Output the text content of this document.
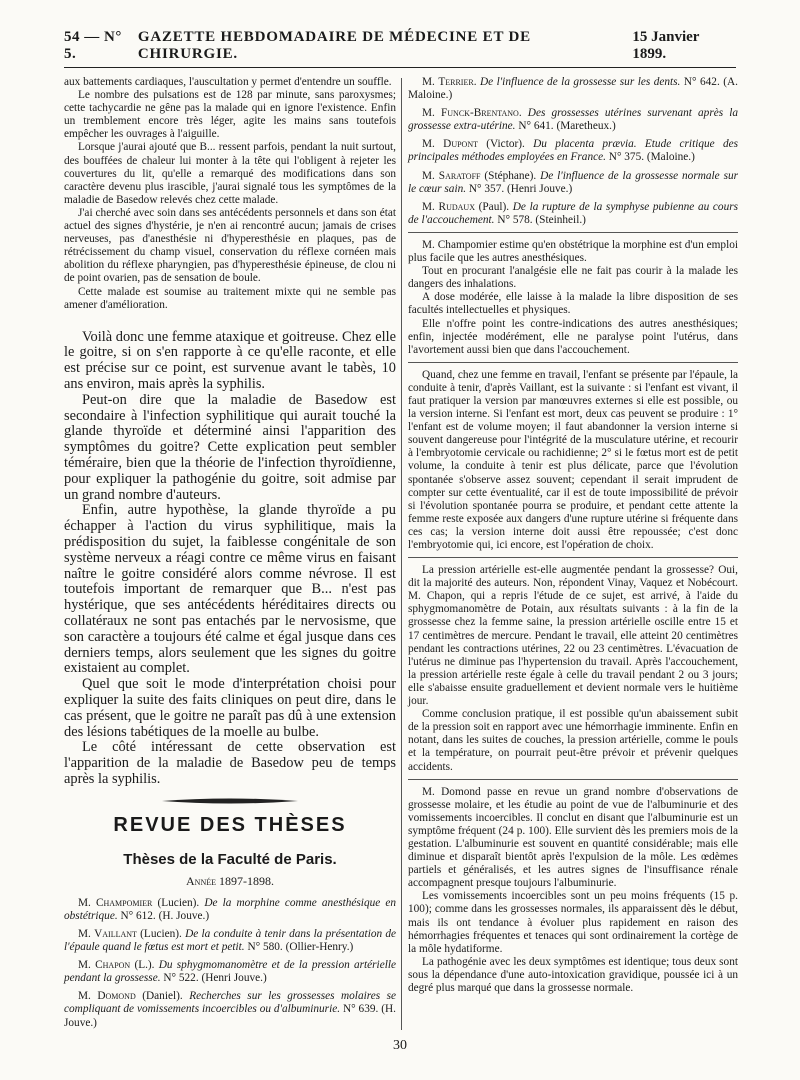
54 — N° 5.
GAZETTE HEBDOMADAIRE DE MÉDECINE ET DE CHIRURGIE.
15 Janvier 1899.

aux battements cardiaques, l'auscultation y permet d'entendre un souffle.

Le nombre des pulsations est de 128 par minute, sans paroxysmes; cette tachycardie ne gêne pas la malade qui en ignore l'existence. Enfin un tremblement encore très léger, agite les mains sans toutefois empêcher les ouvrages à l'aiguille.

Lorsque j'aurai ajouté que B... ressent parfois, pendant la nuit surtout, des bouffées de chaleur lui monter à la tête qui l'obligent à rejeter les couvertures du lit, qu'elle a remarqué des modifications dans son caractère devenu plus irascible, j'aurai signalé tous les symptômes de la maladie de Basedow relevés chez cette malade.

J'ai cherché avec soin dans ses antécédents personnels et dans son état actuel des signes d'hystérie, je n'en ai rencontré aucun; jamais de crises nerveuses, pas d'anesthésie ni d'hyperesthésie en plaques, pas de rétrécissement du champ visuel, conservation du réflexe cornéen mais abolition du réflexe pharyngien, pas d'hyperesthésie épineuse, de clou ni de point ovarien, pas de sensation de boule.

Cette malade est soumise au traitement mixte qui ne semble pas amener d'amélioration.

Voilà donc une femme ataxique et goitreuse. Chez elle le goitre, si on s'en rapporte à ce qu'elle raconte, et elle est précise sur ce point, est survenue avant le tabès, 10 ans environ, mais après la syphilis.

Peut-on dire que la maladie de Basedow est secondaire à l'infection syphilitique qui aurait touché la glande thyroïde et déterminé ainsi l'apparition des symptômes du goitre? Cette explication peut sembler téméraire, bien que la théorie de l'infection thyroïdienne, pour expliquer la pathogénie du goitre, soit admise par un grand nombre d'auteurs.

Enfin, autre hypothèse, la glande thyroïde a pu échapper à l'action du virus syphilitique, mais la prédisposition du sujet, la faiblesse congénitale de son système nerveux a réagi contre ce même virus en faisant naître le goitre considéré alors comme névrose. Il est toutefois important de remarquer que B... n'est pas hystérique, que ses antécédents héréditaires directs ou collatéraux ne sont pas entachés par le nervosisme, que son caractère a toujours été calme et égal jusque dans ces derniers temps, alors seulement que les signes du goitre existaient au complet.

Quel que soit le mode d'interprétation choisi pour expliquer la suite des faits cliniques on peut dire, dans le cas présent, que le goitre ne paraît pas dû à une extension des lésions tabétiques de la moelle au bulbe.

Le côté intéressant de cette observation est l'apparition de la maladie de Basedow peu de temps après la syphilis.

REVUE DES THÈSES
Thèses de la Faculté de Paris.
Année 1897-1898.

M. Champomier (Lucien). De la morphine comme anesthésique en obstétrique. N° 612. (H. Jouve.)

M. Vaillant (Lucien). De la conduite à tenir dans la présentation de l'épaule quand le fœtus est mort et petit. N° 580. (Ollier-Henry.)

M. Chapon (L.). Du sphygmomanomètre et de la pression artérielle pendant la grossesse. N° 522. (Henri Jouve.)

M. Domond (Daniel). Recherches sur les grossesses molaires se compliquant de vomissements incoercibles ou d'albuminurie. N° 639. (H. Jouve.)

M. Terrier. De l'influence de la grossesse sur les dents. N° 642. (A. Maloine.)

M. Funck-Brentano. Des grossesses utérines survenant après la grossesse extra-utérine. N° 641. (Maretheux.)

M. Dupont (Victor). Du placenta prævia. Etude critique des principales méthodes employées en France. N° 375. (Maloine.)

M. Saratoff (Stéphane). De l'influence de la grossesse normale sur le cœur sain. N° 357. (Henri Jouve.)

M. Rudaux (Paul). De la rupture de la symphyse pubienne au cours de l'accouchement. N° 578. (Steinheil.)

M. Champomier estime qu'en obstétrique la morphine est d'un emploi plus facile que les autres anesthésiques.

Tout en procurant l'analgésie elle ne fait pas courir à la malade les dangers des inhalations.

A dose modérée, elle laisse à la malade la libre disposition de ses facultés intellectuelles et physiques.

Elle n'offre point les contre-indications des autres anesthésiques; enfin, injectée modérément, elle ne paralyse point l'utérus, dans l'avortement aussi bien que dans l'accouchement.

Quand, chez une femme en travail, l'enfant se présente par l'épaule, la conduite à tenir, d'après Vaillant, est la suivante : si l'enfant est vivant, il faut pratiquer la version par manœuvres externes si elle est possible, ou la version interne. Si l'enfant est mort, deux cas peuvent se produire : 1° l'enfant est de volume moyen; il faut abandonner la version interne si souvent dangereuse pour l'intégrité de la musculature utérine, et recourir à l'embryotomie cervicale ou rachidienne; 2° si le fœtus mort est de petit volume, la conduite à tenir est plus délicate, parce que l'évolution spontanée s'observe assez souvent; cependant il serait imprudent de compter sur cette éventualité, car il est de toute impossibilité de prévoir si l'évolution spontanée pourra se produire, et pendant cette attente la femme reste exposée aux dangers d'une rupture utérine si fréquente dans ces cas; la version interne doit aussi être repoussée; c'est donc l'embryotomie qui, ici encore, est l'opération de choix.

La pression artérielle est-elle augmentée pendant la grossesse? Oui, dit la majorité des auteurs. Non, répondent Vinay, Vaquez et Nobécourt. M. Chapon, qui a repris l'étude de ce sujet, est arrivé, à l'aide du sphygmomanomètre de Potain, aux résultats suivants : à la fin de la grossesse chez la femme saine, la pression artérielle oscille entre 15 et 17 centimètres de mercure. Pendant le travail, elle atteint 20 centimètres pendant les contractions utérines, 22 ou 23 centimètres. L'évacuation de l'utérus ne diminue pas l'hypertension du travail. Après l'accouchement, la pression artérielle reste égale à celle du travail pendant 2 ou 3 jours; elle s'abaisse ensuite graduellement et devient normale vers le huitième jour.

Comme conclusion pratique, il est possible qu'un abaissement subit de la pression soit en rapport avec une hémorrhagie imminente. Enfin en notant, dans les suites de couches, la pression artérielle, comme le pouls et la température, on pourrait peut-être prévoir et prévenir quelques accidents.

M. Domond passe en revue un grand nombre d'observations de grossesse molaire, et les étudie au point de vue de l'albuminurie et des vomissements incoercibles. Il conclut en disant que l'albuminurie est un symptôme fréquent (24 p. 100). Elle survient dès les premiers mois de la gestation. L'albuminurie est souvent en quantité considérable; mais elle diminue et disparaît bientôt après l'expulsion de la môle. Les œdèmes partiels et généralisés, et les autres signes de l'insuffisance rénale accompagnent presque toujours l'albuminurie.

Les vomissements incoercibles sont un peu moins fréquents (15 p. 100); comme dans les grossesses normales, ils apparaissent dès le début, mais ils ont tendance à évoluer plus rapidement en raison des hémorrhagies fréquentes et tenaces qui sont ordinairement la cortège de la môle hydatiforme.

La pathogénie avec les deux symptômes est identique; tous deux sont sous la dépendance d'une auto-intoxication gravidique, poussée ici à un degré plus marqué que dans la grossesse normale.

30
